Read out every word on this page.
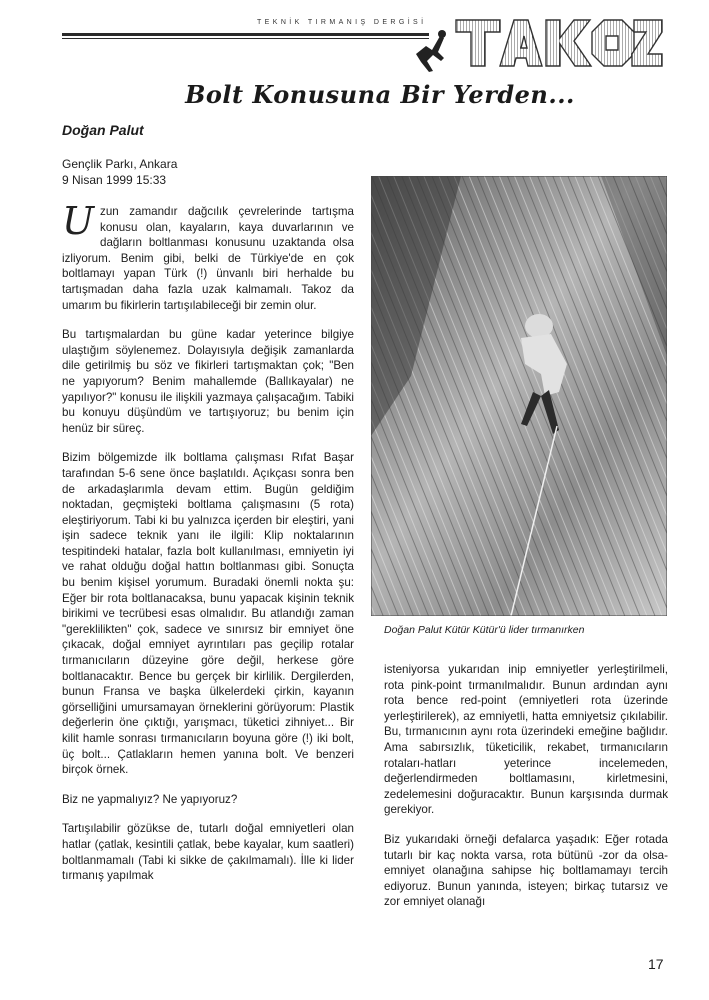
TEKNİK TIRMANIŞ DERGİSİ
Bolt Konusuna Bir Yerden...
Doğan Palut
Gençlik Parkı, Ankara
9 Nisan 1999 15:33

Uzun zamandır dağcılık çevrelerinde tartışma konusu olan, kayaların, kaya duvarlarının ve dağların boltlanması konusunu uzaktanda olsa izliyorum. Benim gibi, belki de Türkiye'de en çok boltlamayı yapan Türk (!) ünvanlı biri herhalde bu tartışmadan daha fazla uzak kalmamalı. Takoz da umarım bu fikirlerin tartışılabileceği bir zemin olur.

Bu tartışmalardan bu güne kadar yeterince bilgiye ulaştığım söylenemez. Dolayısıyla değişik zamanlarda dile getirilmiş bu söz ve fikirleri tartışmaktan çok; "Ben ne yapıyorum? Benim mahallemde (Ballıkayalar) ne yapılıyor?" konusu ile ilişkili yazmaya çalışacağım. Tabiki bu konuyu düşündüm ve tartışıyoruz; bu benim için henüz bir süreç.

Bizim bölgemizde ilk boltlama çalışması Rıfat Başar tarafından 5-6 sene önce başlatıldı. Açıkçası sonra ben de arkadaşlarımla devam ettim. Bugün geldiğim noktadan, geçmişteki boltlama çalışmasını (5 rota) eleştiriyorum. Tabi ki bu yalnızca içerden bir eleştiri, yani işin sadece teknik yanı ile ilgili: Klip noktalarının tespitindeki hatalar, fazla bolt kullanılması, emniyetin iyi ve rahat olduğu doğal hattın boltlanması gibi. Sonuçta bu benim kişisel yorumum. Buradaki önemli nokta şu: Eğer bir rota boltlanacaksa, bunu yapacak kişinin teknik birikimi ve tecrübesi esas olmalıdır. Bu atlandığı zaman "gereklilikten" çok, sadece ve sınırsız bir emniyet öne çıkacak, doğal emniyet ayrıntıları pas geçilip rotalar tırmanıcıların düzeyine göre değil, herkese göre boltlanacaktır. Bence bu gerçek bir kirlilik. Dergilerden, bunun Fransa ve başka ülkelerdeki çirkin, kayanın görselliğini umursamayan örneklerini görüyorum: Plastik değerlerin öne çıktığı, yarışmacı, tüketici zihniyet... Bir kilit hamle sonrası tırmanıcıların boyuna göre (!) iki bolt, üç bolt... Çatlakların hemen yanına bolt. Ve benzeri birçok örnek.

Biz ne yapmalıyız? Ne yapıyoruz?

Tartışılabilir gözükse de, tutarlı doğal emniyetleri olan hatlar (çatlak, kesintili çatlak, bebe kayalar, kum saatleri) boltlanmamalı (Tabi ki sikke de çakılmamalı). İlle ki lider tırmanış yapılmak

Doğan Palut Kütür Kütür'ü lider tırmanırken

isteniyorsa yukarıdan inip emniyetler yerleştirilmeli, rota pink-point tırmanılmalıdır. Bunun ardından aynı rota bence red-point (emniyetleri rota üzerinde yerleştirilerek), az emniyetli, hatta emniyetsiz çıkılabilir. Bu, tırmanıcının aynı rota üzerindeki emeğine bağlıdır. Ama sabırsızlık, tüketicilik, rekabet, tırmanıcıların rotaları-hatları yeterince incelemeden, değerlendirmeden boltlamasını, kirletmesini, zedelemesini doğuracaktır. Bunun karşısında durmak gerekiyor.

Biz yukarıdaki örneği defalarca yaşadık: Eğer rotada tutarlı bir kaç nokta varsa, rota bütünü -zor da olsa- emniyet olanağına sahipse hiç boltlamamayı tercih ediyoruz. Bunun yanında, isteyen; birkaç tutarsız ve zor emniyet olanağı

17
